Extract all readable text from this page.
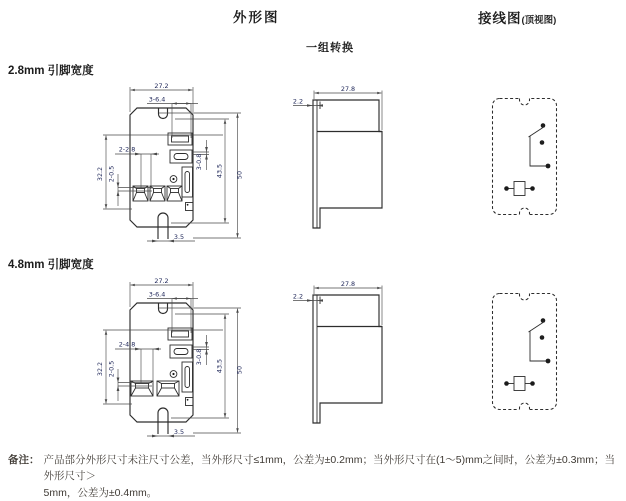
外形图	接线图(顶视图)
一组转换
2.8mm 引脚宽度
4.8mm 引脚宽度
27.2
3-6.4
50
43.5
3-0.8
32.2
2-2.8
2-0.5
3.5
27.8
2.2
27.2
3-6.4
50
43.5
3-0.8
32.2
2-4.8
2-0.5
3.5
27.8
2.2
备注： 产品部分外形尺寸未注尺寸公差，当外形尺寸≤1mm，公差为±0.2mm；当外形尺寸在(1～5)mm之间时，公差为±0.3mm；当外形尺寸＞
5mm，公差为±0.4mm。
